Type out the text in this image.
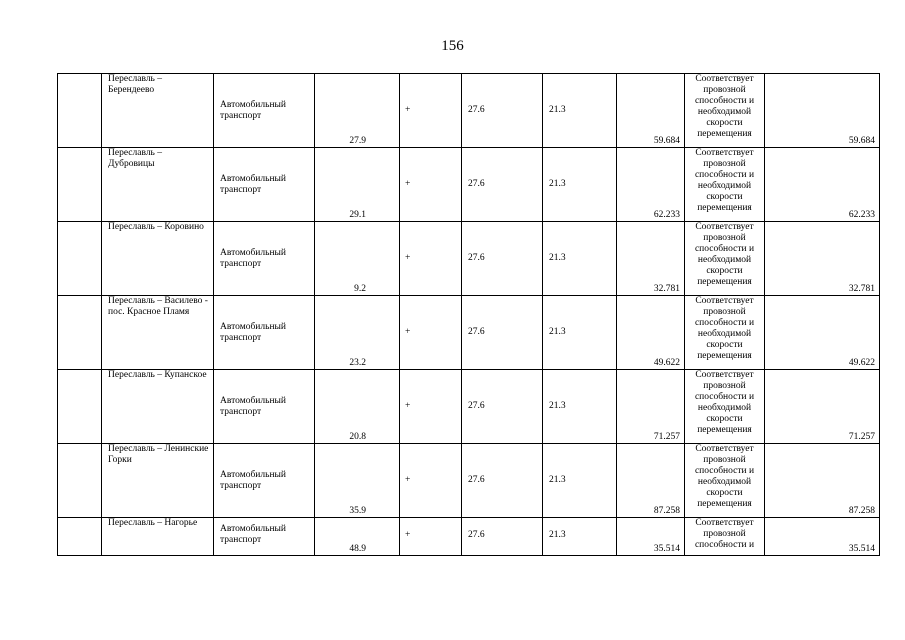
156
	Переславль – Берендеево	Автомобильный транспорт	27.9	+	27.6	21.3	59.684	Соответствует провозной способности и необходимой скорости перемещения	59.684
	Переславль – Дубровицы	Автомобильный транспорт	29.1	+	27.6	21.3	62.233	Соответствует провозной способности и необходимой скорости перемещения	62.233
	Переславль – Коровино	Автомобильный транспорт	9.2	+	27.6	21.3	32.781	Соответствует провозной способности и необходимой скорости перемещения	32.781
	Переславль – Василево - пос. Красное Пламя	Автомобильный транспорт	23.2	+	27.6	21.3	49.622	Соответствует провозной способности и необходимой скорости перемещения	49.622
	Переславль – Купанское	Автомобильный транспорт	20.8	+	27.6	21.3	71.257	Соответствует провозной способности и необходимой скорости перемещения	71.257
	Переславль – Ленинские Горки	Автомобильный транспорт	35.9	+	27.6	21.3	87.258	Соответствует провозной способности и необходимой скорости перемещения	87.258
	Переславль – Нагорье	Автомобильный транспорт	48.9	+	27.6	21.3	35.514	Соответствует провозной способности и	35.514
